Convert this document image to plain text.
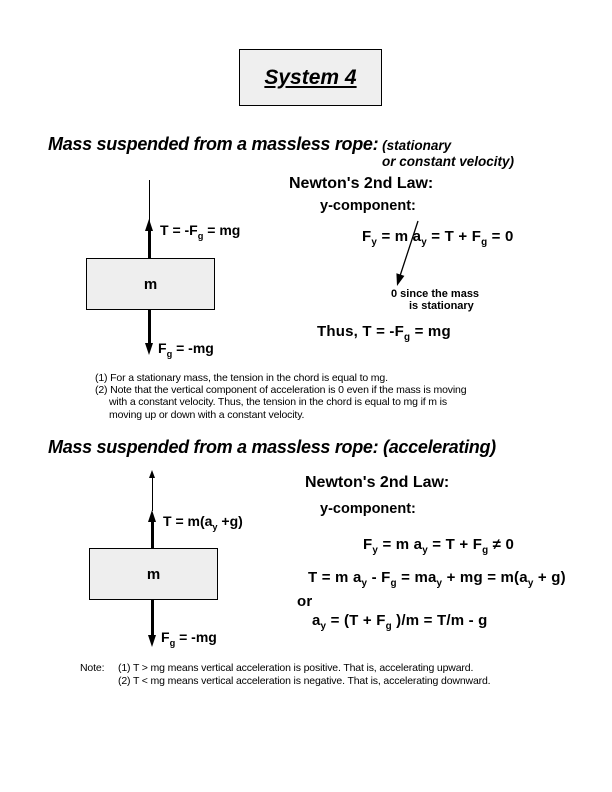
System 4
Mass suspended from a massless rope: (stationary
or constant velocity)
$T = -F_g$ = mg
m
$F_g = -mg$
Newton's 2nd Law:
y-component:
$F_y = m$ $a_y = T + F_g = 0$
0 since the mass
is stationary
Thus, $T = -F_g$ = mg
(1) For a stationary mass, the tension in the chord is equal to mg.
(2) Note that the vertical component of acceleration is 0 even if the mass is moving
with a constant velocity. Thus, the tension in the chord is equal to mg if m is
moving up or down with a constant velocity.
Mass suspended from a massless rope: (accelerating)
$T = m(a_y +g)$
m
$F_g = -mg$
Newton's 2nd Law:
y-component:
$F_y = m$ $a_y = T + F_g \ne 0$
T = m $a_y - F_g = ma_y$ + mg = $m(a_y + g)$
or
$a_y = (T + F_g$ )/m = T/m - g
Note: (1) T > mg means vertical acceleration is positive. That is, accelerating upward.
(2) T < mg means vertical acceleration is negative. That is, accelerating downward.
